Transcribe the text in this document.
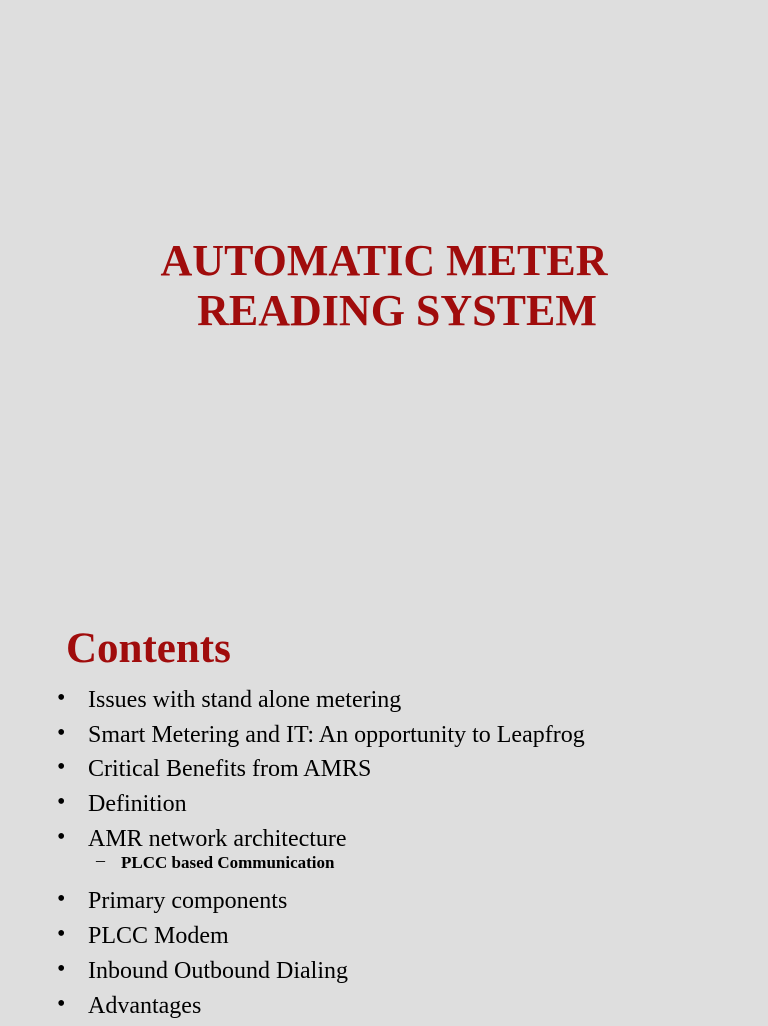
AUTOMATIC METER
READING SYSTEM
Contents
• Issues with stand alone metering
• Smart Metering and IT: An opportunity to Leapfrog
• Critical Benefits from AMRS
• Definition
• AMR network architecture
– PLCC based Communication
• Primary components
• PLCC Modem
• Inbound Outbound Dialing
• Advantages
